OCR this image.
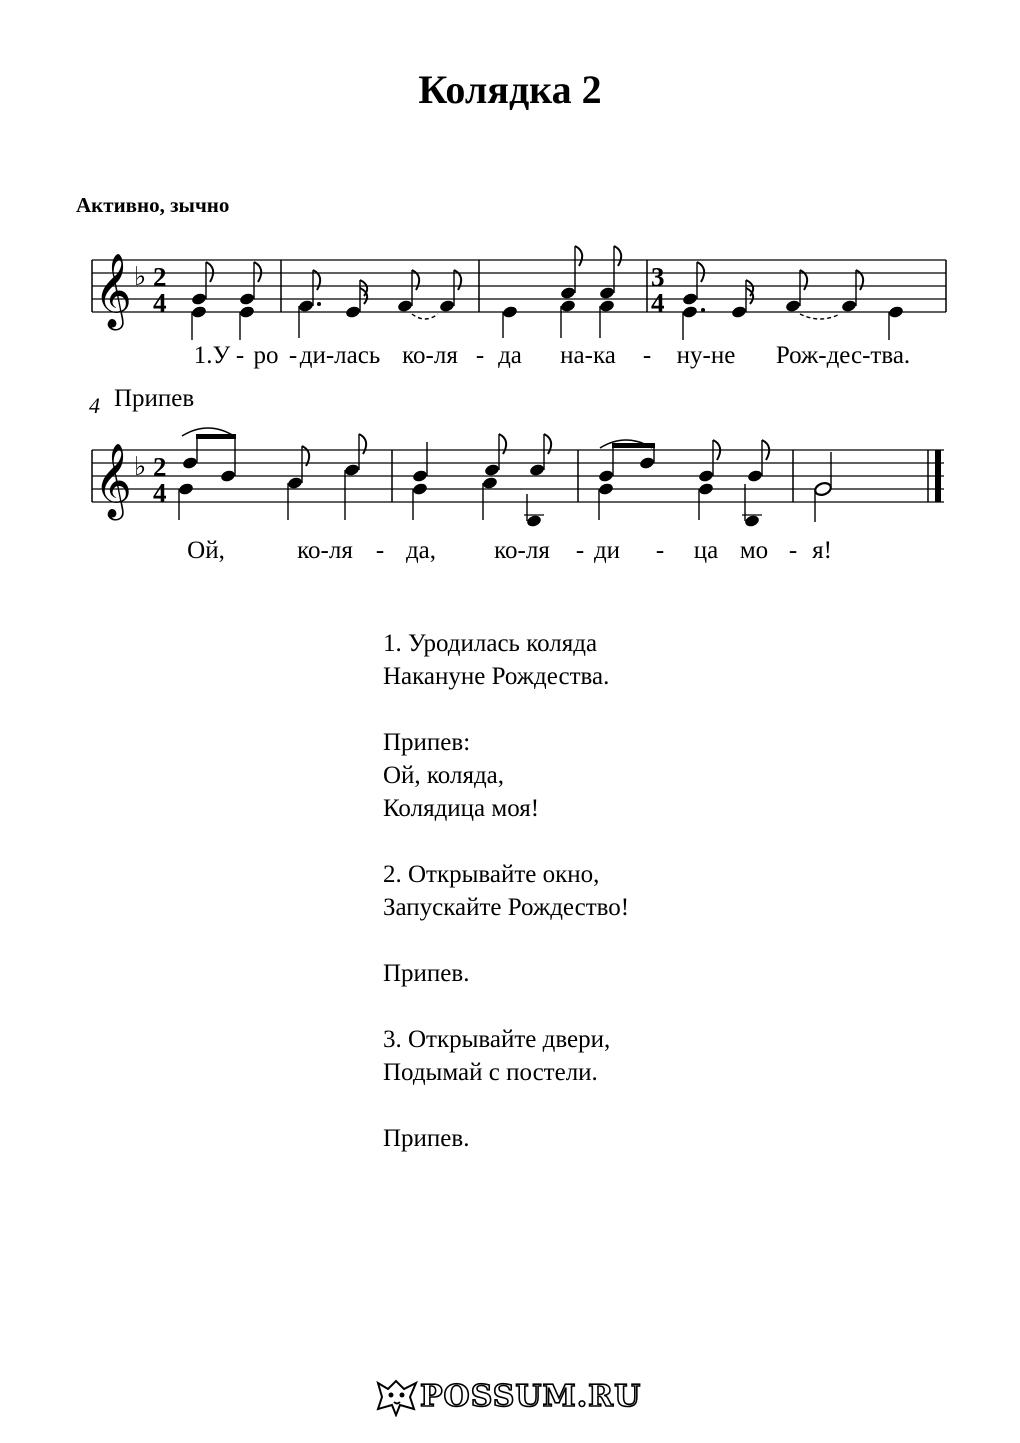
Колядка 2
Активно, зычно
𝄞 ♭ 2
4
3
4
1.У - ро - ди-лась ко-ля - да на-ка - ну-не Рож-дес-тва.
4 Припев
𝄞 ♭ 2
4
Ой,	ко-ля - да, ко-ля - ди - ца мо - я!

1. Уродилась коляда
Накануне Рождества.

Припев:
Ой, коляда,
Колядица моя!

2. Открывайте окно,
Запускайте Рождество!

Припев.

3. Открывайте двери,
Подымай с постели.

Припев.

POSSUM.RU
